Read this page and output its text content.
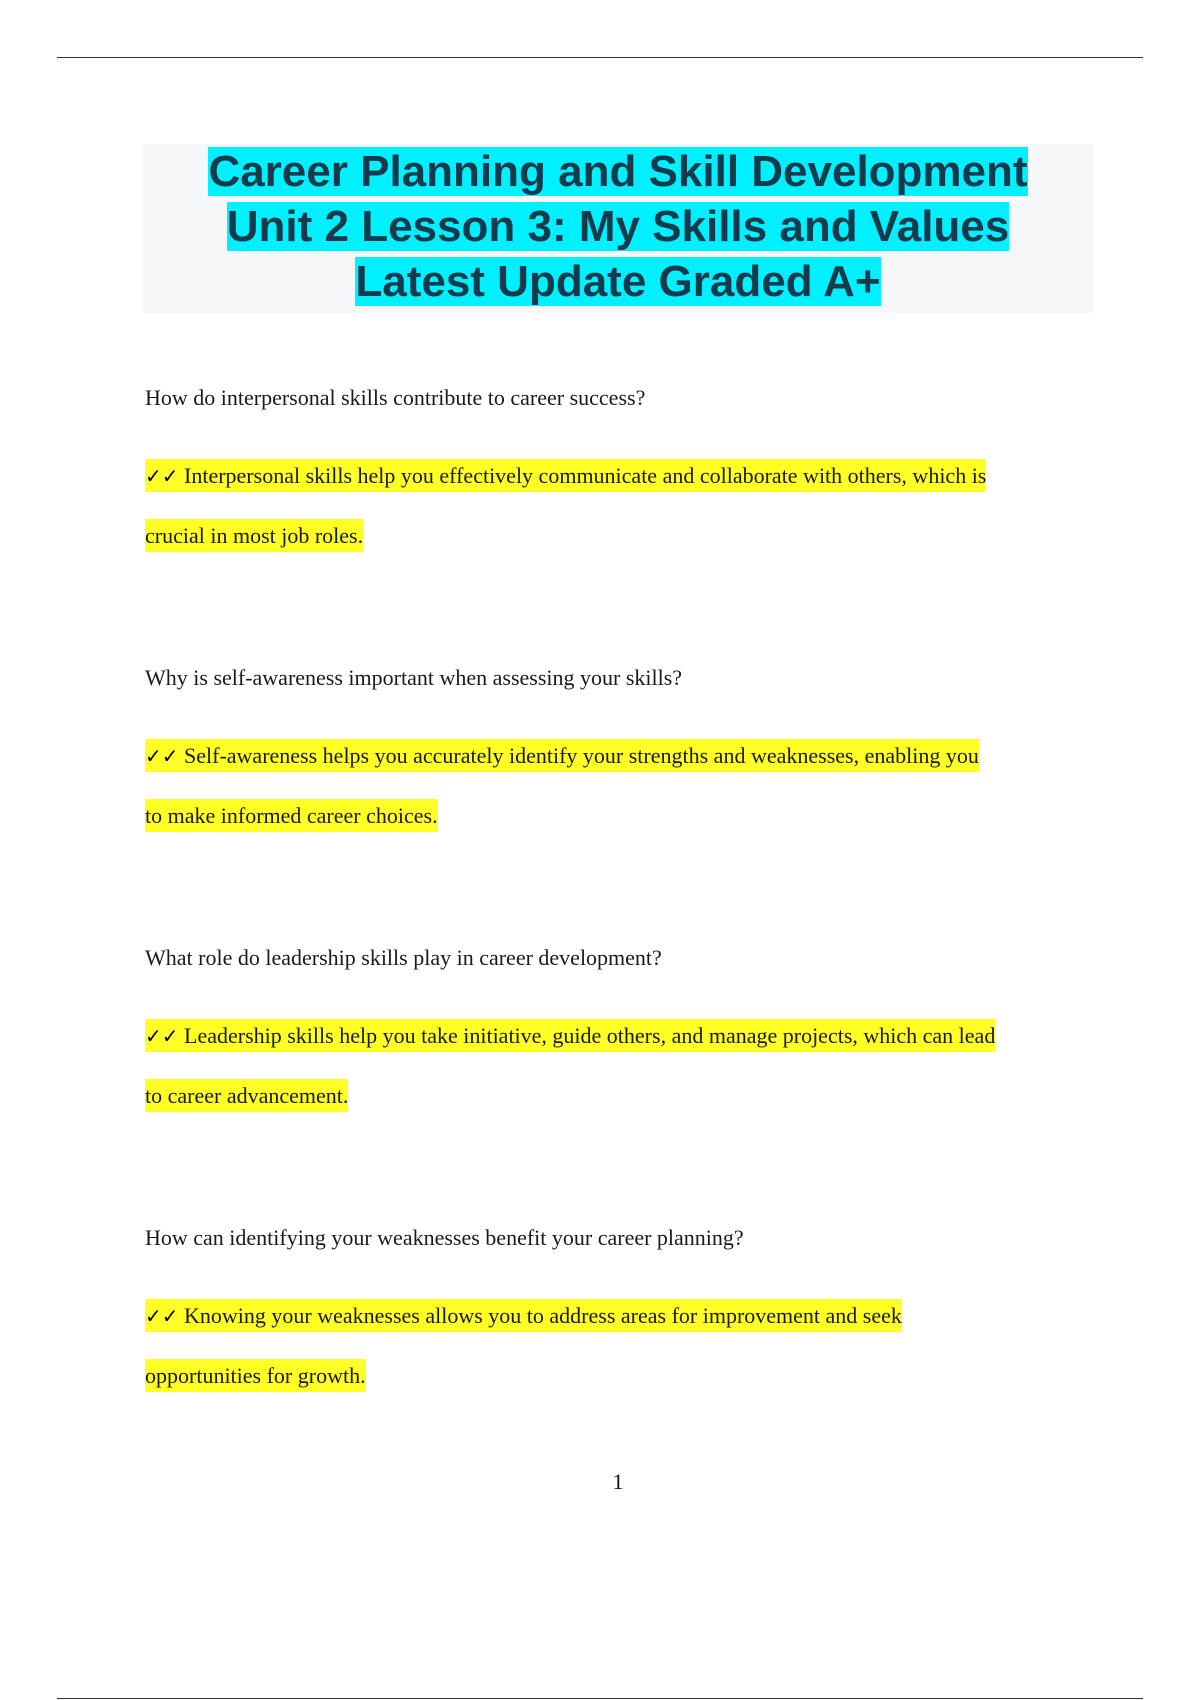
Career Planning and Skill Development
Unit 2 Lesson 3: My Skills and Values
Latest Update Graded A+
How do interpersonal skills contribute to career success?
✓✓ Interpersonal skills help you effectively communicate and collaborate with others, which is
crucial in most job roles.
Why is self-awareness important when assessing your skills?
✓✓ Self-awareness helps you accurately identify your strengths and weaknesses, enabling you
to make informed career choices.
What role do leadership skills play in career development?
✓✓ Leadership skills help you take initiative, guide others, and manage projects, which can lead
to career advancement.
How can identifying your weaknesses benefit your career planning?
✓✓ Knowing your weaknesses allows you to address areas for improvement and seek
opportunities for growth.
1
